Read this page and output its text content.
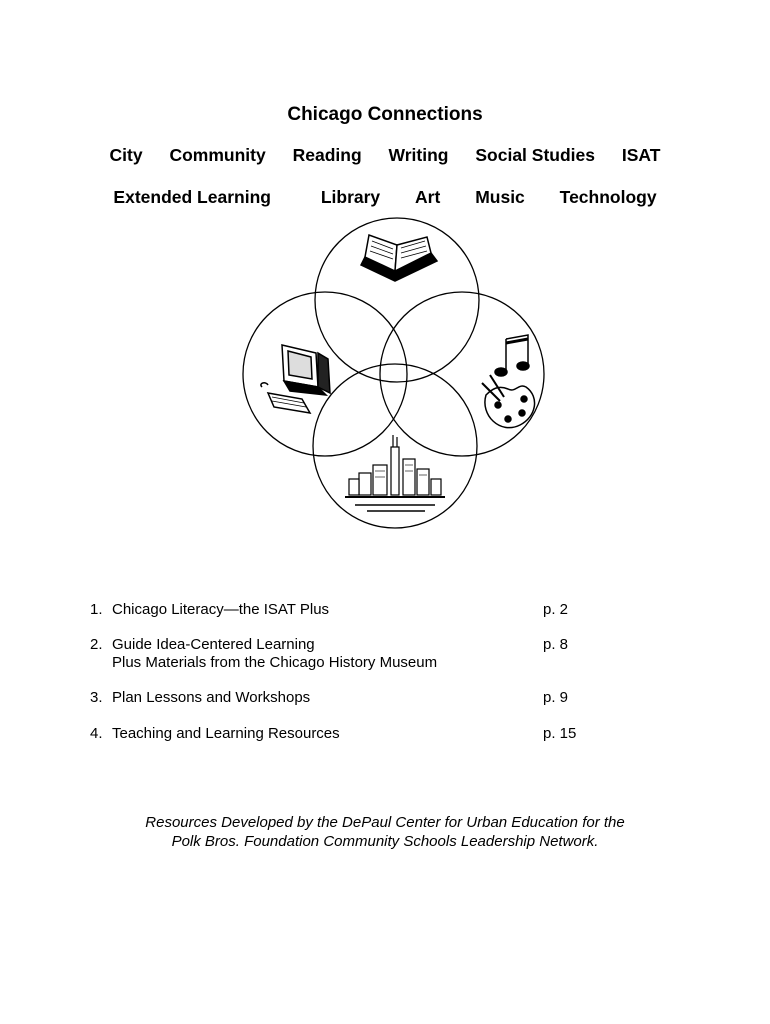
Chicago Connections
City Community Reading Writing Social Studies ISAT
Extended Learning	Library Art Music Technology
1. Chicago Literacy—the ISAT Plus	p. 2
2. Guide Idea-Centered Learning
Plus Materials from the Chicago History Museum
p. 8
3. Plan Lessons and Workshops	p. 9
4. Teaching and Learning Resources	p. 15
Resources Developed by the DePaul Center for Urban Education for the
Polk Bros. Foundation Community Schools Leadership Network.
